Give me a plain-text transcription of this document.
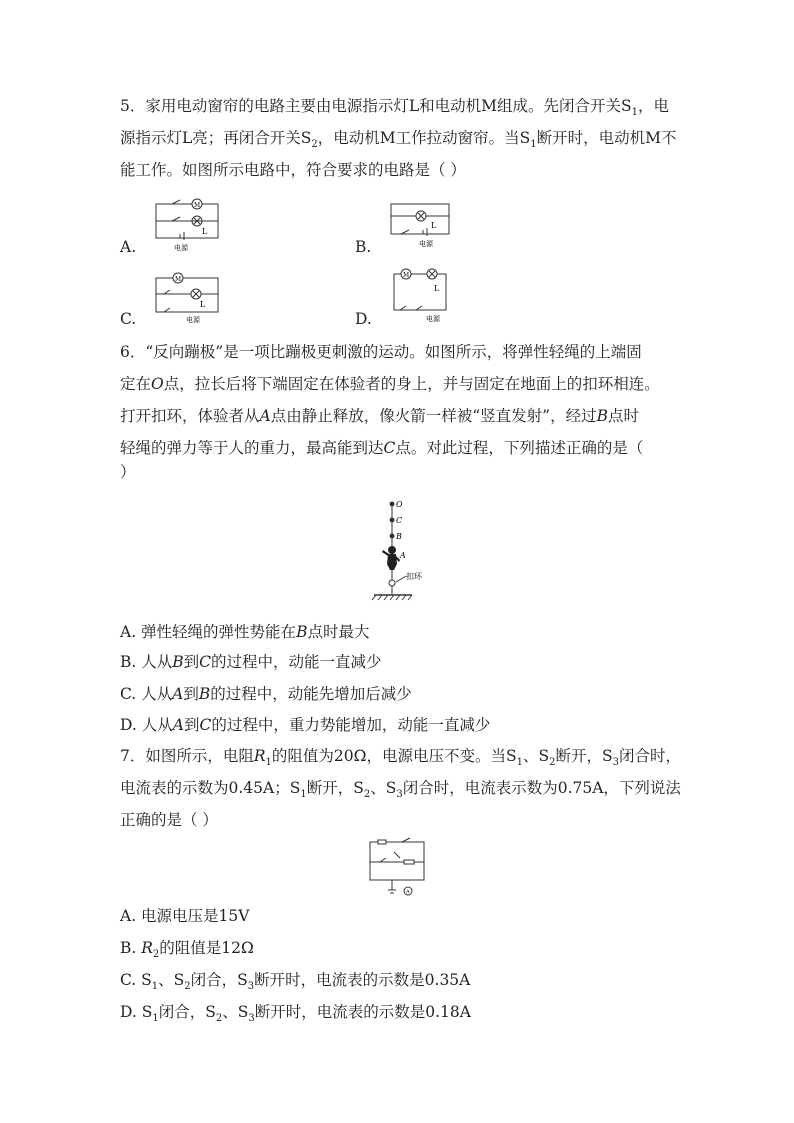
5．家用电动窗帘的电路主要由电源指示灯L和电动机M组成。先闭合开关$S_1$，电
源指示灯L亮；再闭合开关$S_2$，电动机M工作拉动窗帘。当$S_1$断开时，电动机M不
能工作。如图所示电路中，符合要求的电路是（ ）
A.
M
L
电源	B.
L
电源
C.
M
L
电源	D.
M
L
电源
6．“反向蹦极”是一项比蹦极更刺激的运动。如图所示，将弹性轻绳的上端固
定在O点，拉长后将下端固定在体验者的身上，并与固定在地面上的扣环相连。
打开扣环，体验者从A点由静止释放，像火箭一样被“竖直发射”，经过B点时
轻绳的弹力等于人的重力，最高能到达C点。对此过程，下列描述正确的是（
）
O
C
B
A
扣环
A. 弹性轻绳的弹性势能在B点时最大
B. 人从B到C的过程中，动能一直减少
C. 人从A到B的过程中，动能先增加后减少
D. 人从A到C的过程中，重力势能增加，动能一直减少
7．如图所示，电阻$R_1$的阻值为20Ω，电源电压不变。当$S_1$、$S_2$断开，$S_3$闭合时，
电流表的示数为0.45A；$S_1$断开，$S_2$、$S_3$闭合时，电流表示数为0.75A，下列说法
正确的是（ ）
A
A. 电源电压是15V
B. $R_2$的阻值是12Ω
C. $S_1$、$S_2$闭合，$S_3$断开时，电流表的示数是0.35A
D. $S_1$闭合，$S_2$、$S_3$断开时，电流表的示数是0.18A
